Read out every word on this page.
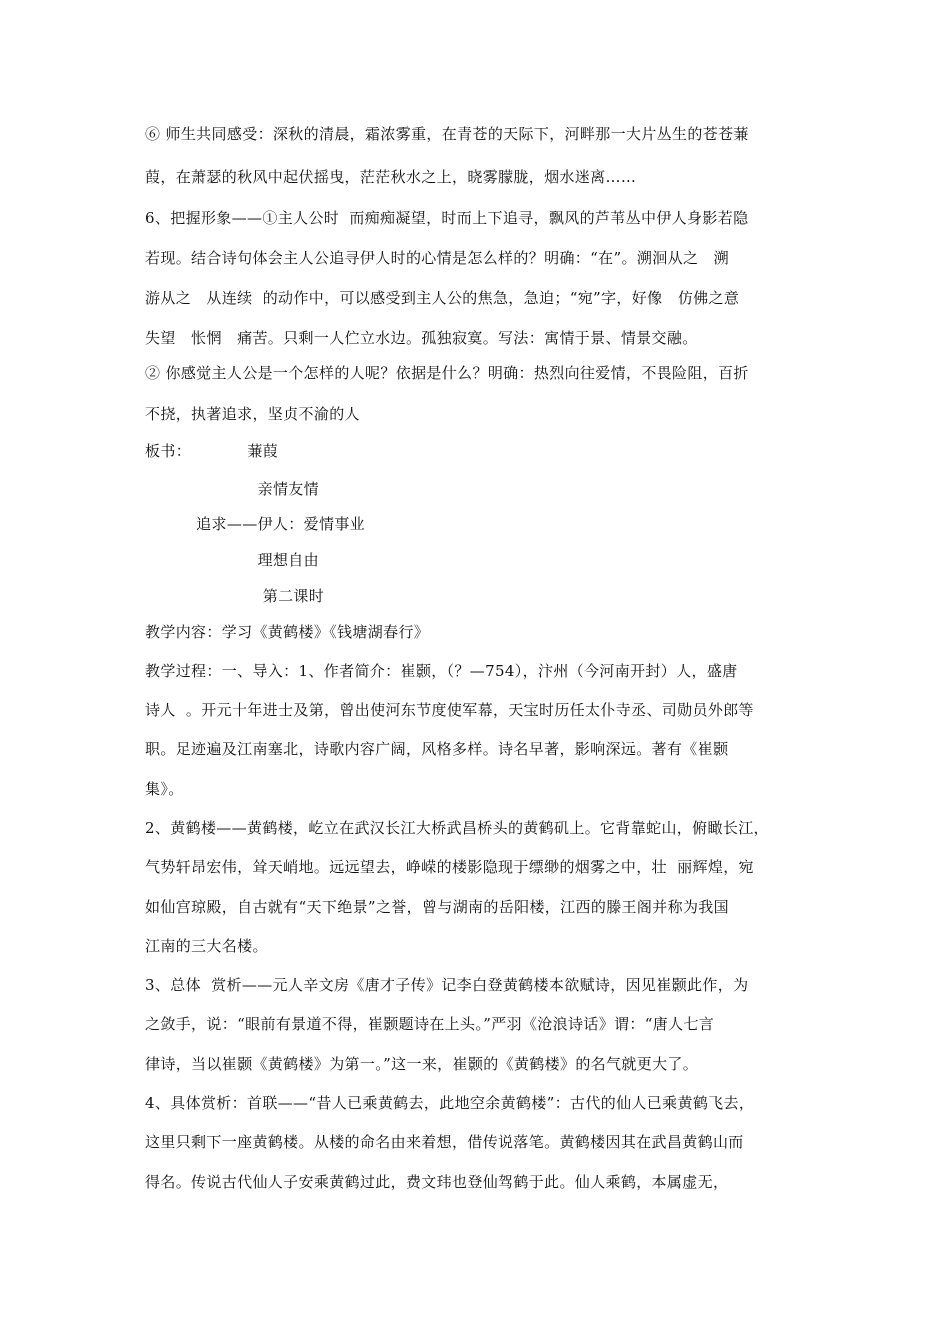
⑥ 师生共同感受：深秋的清晨，霜浓雾重，在青苍的天际下，河畔那一大片丛生的苍苍蒹
葭，在萧瑟的秋风中起伏摇曳，茫茫秋水之上，晓雾朦胧，烟水迷离……
6、把握形象——①主人公时  而痴痴凝望，时而上下追寻，飘风的芦苇丛中伊人身影若隐
若现。结合诗句体会主人公追寻伊人时的心情是怎么样的？明确：“在”。溯洄从之   溯
游从之   从连续  的动作中，可以感受到主人公的焦急，急迫；“宛”字，好像   仿佛之意
失望   怅惘   痛苦。只剩一人伫立水边。孤独寂寞。写法：寓情于景、情景交融。
② 你感觉主人公是一个怎样的人呢？依据是什么？明确：热烈向往爱情，不畏险阻，百折
不挠，执著追求，坚贞不渝的人
板书：           蒹葭
亲情友情
追求——伊人：爱情事业
理想自由
第二课时
教学内容：学习《黄鹤楼》《钱塘湖春行》
教学过程：一、导入：1、作者简介：崔颢，（？—754），汴州（今河南开封）人，盛唐
诗人  。开元十年进士及第，曾出使河东节度使军幕，天宝时历任太仆寺丞、司勋员外郎等
职。足迹遍及江南塞北，诗歌内容广阔，风格多样。诗名早著，影响深远。著有《崔颢
集》。
2、黄鹤楼——黄鹤楼，屹立在武汉长江大桥武昌桥头的黄鹤矶上。它背靠蛇山，俯瞰长江，
气势轩昂宏伟，耸天峭地。远远望去，峥嵘的楼影隐现于缥缈的烟雾之中，壮  丽辉煌，宛
如仙宫琼殿，自古就有“天下绝景”之誉，曾与湖南的岳阳楼，江西的滕王阁并称为我国
江南的三大名楼。
3、总体  赏析——元人辛文房《唐才子传》记李白登黄鹤楼本欲赋诗，因见崔颢此作，为
之敛手，说：“眼前有景道不得，崔颢题诗在上头。”严羽《沧浪诗话》谓：“唐人七言
律诗，当以崔颢《黄鹤楼》为第一。”这一来，崔颢的《黄鹤楼》的名气就更大了。
4、具体赏析：首联——“昔人已乘黄鹤去，此地空余黄鹤楼”：古代的仙人已乘黄鹤飞去，
这里只剩下一座黄鹤楼。从楼的命名由来着想，借传说落笔。黄鹤楼因其在武昌黄鹤山而
得名。传说古代仙人子安乘黄鹤过此，费文玮也登仙驾鹤于此。仙人乘鹤，本属虚无，
